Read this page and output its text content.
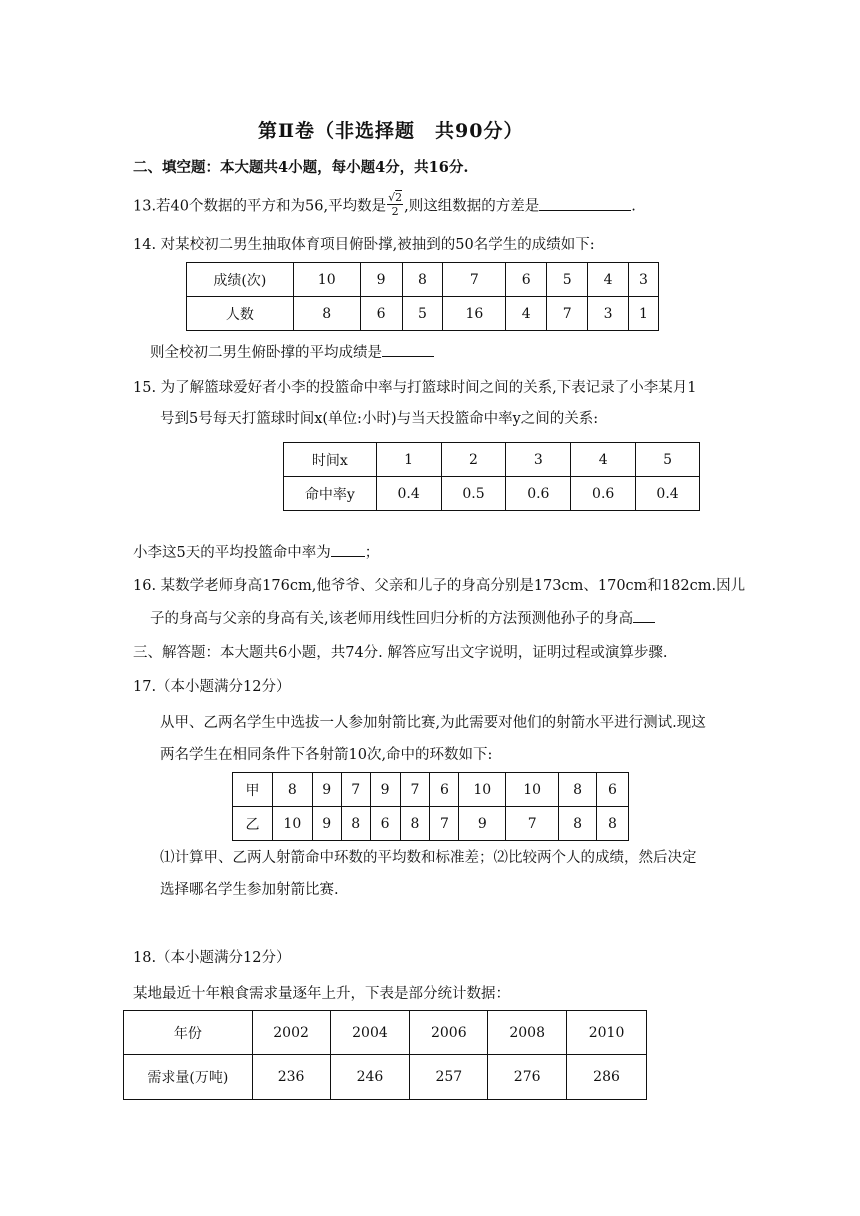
第Ⅱ卷（非选择题　共90分）
二、填空题：本大题共4小题，每小题4分，共16分.
13.若40个数据的平方和为56,平均数是 $\frac{√2}{2}$ ,则这组数据的方差是	.
14. 对某校初二男生抽取体育项目俯卧撑,被抽到的50名学生的成绩如下:
成绩(次)	10	9	8	7	6	5	4	3
人数	8	6	5	16	4	7	3	1
则全校初二男生俯卧撑的平均成绩是
15. 为了解篮球爱好者小李的投篮命中率与打篮球时间之间的关系,下表记录了小李某月1
号到5号每天打篮球时间x(单位:小时)与当天投篮命中率y之间的关系:
时间x	1	2	3	4	5
命中率y	0.4	0.5	0.6	0.6	0.4
小李这5天的平均投篮命中率为 ；
16. 某数学老师身高176cm,他爷爷、父亲和儿子的身高分别是173cm、170cm和182cm.因儿
子的身高与父亲的身高有关,该老师用线性回归分析的方法预测他孙子的身高
三、解答题：本大题共6小题，共74分. 解答应写出文字说明，证明过程或演算步骤.
17.（本小题满分12分）
从甲、乙两名学生中选拔一人参加射箭比赛,为此需要对他们的射箭水平进行测试.现这
两名学生在相同条件下各射箭10次,命中的环数如下:
甲	8	9	7	9	7	6	10	10	8	6
乙	10	9	8	6	8	7	9	7	8	8
⑴计算甲、乙两人射箭命中环数的平均数和标准差；⑵比较两个人的成绩，然后决定
选择哪名学生参加射箭比赛.
18.（本小题满分12分）
某地最近十年粮食需求量逐年上升，下表是部分统计数据：
年份	2002	2004	2006	2008	2010
需求量(万吨)	236	246	257	276	286
